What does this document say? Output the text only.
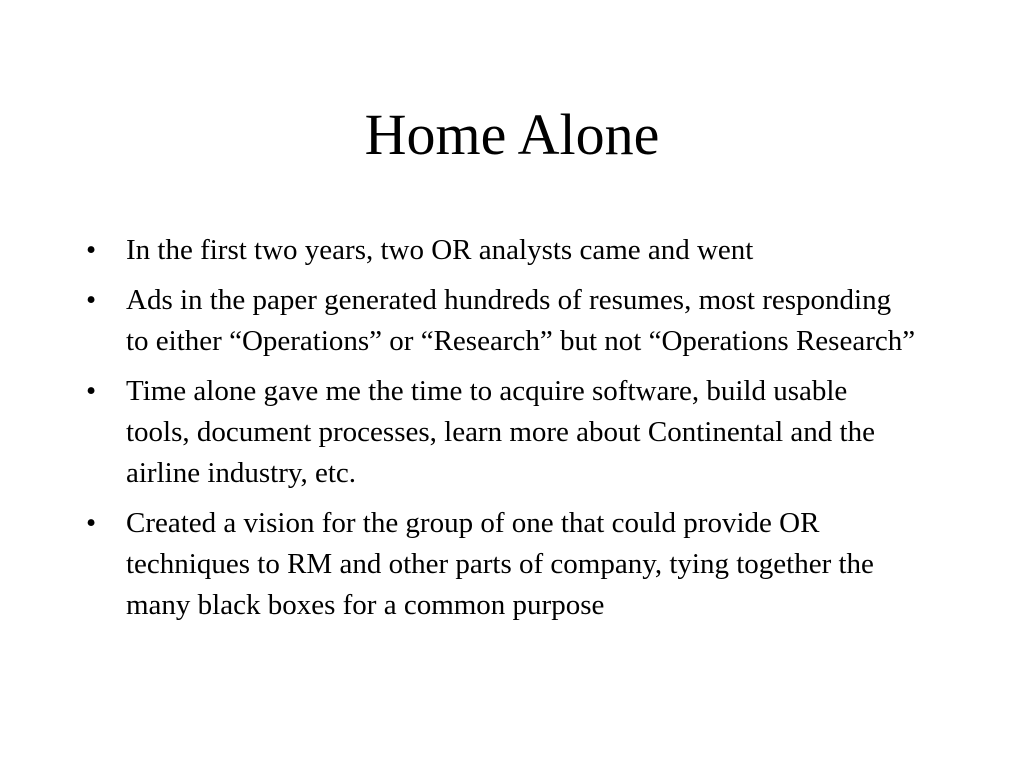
Home Alone
•	In the first two years, two OR analysts came and went
•	Ads in the paper generated hundreds of resumes, most responding to either “Operations” or “Research” but not “Operations Research”
•	Time alone gave me the time to acquire software, build usable tools, document processes, learn more about Continental and the airline industry, etc.
•	Created a vision for the group of one that could provide OR techniques to RM and other parts of company, tying together the many black boxes for a common purpose
